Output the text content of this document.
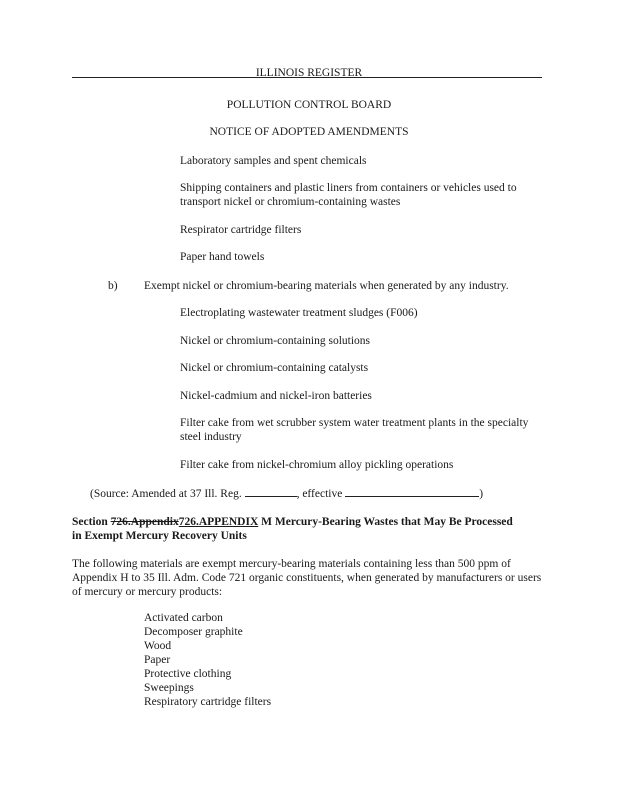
ILLINOIS REGISTER
POLLUTION CONTROL BOARD
NOTICE OF ADOPTED AMENDMENTS
Laboratory samples and spent chemicals
Shipping containers and plastic liners from containers or vehicles used to transport nickel or chromium-containing wastes
Respirator cartridge filters
Paper hand towels
b) Exempt nickel or chromium-bearing materials when generated by any industry.
Electroplating wastewater treatment sludges (F006)
Nickel or chromium-containing solutions
Nickel or chromium-containing catalysts
Nickel-cadmium and nickel-iron batteries
Filter cake from wet scrubber system water treatment plants in the specialty steel industry
Filter cake from nickel-chromium alloy pickling operations
(Source: Amended at 37 Ill. Reg.	, effective	)
Section 726.Appendix726.APPENDIX M Mercury-Bearing Wastes that May Be Processed
in Exempt Mercury Recovery Units
The following materials are exempt mercury-bearing materials containing less than 500 ppm of Appendix H to 35 Ill. Adm. Code 721 organic constituents, when generated by manufacturers or users of mercury or mercury products:
Activated carbon
Decomposer graphite
Wood
Paper
Protective clothing
Sweepings
Respiratory cartridge filters
